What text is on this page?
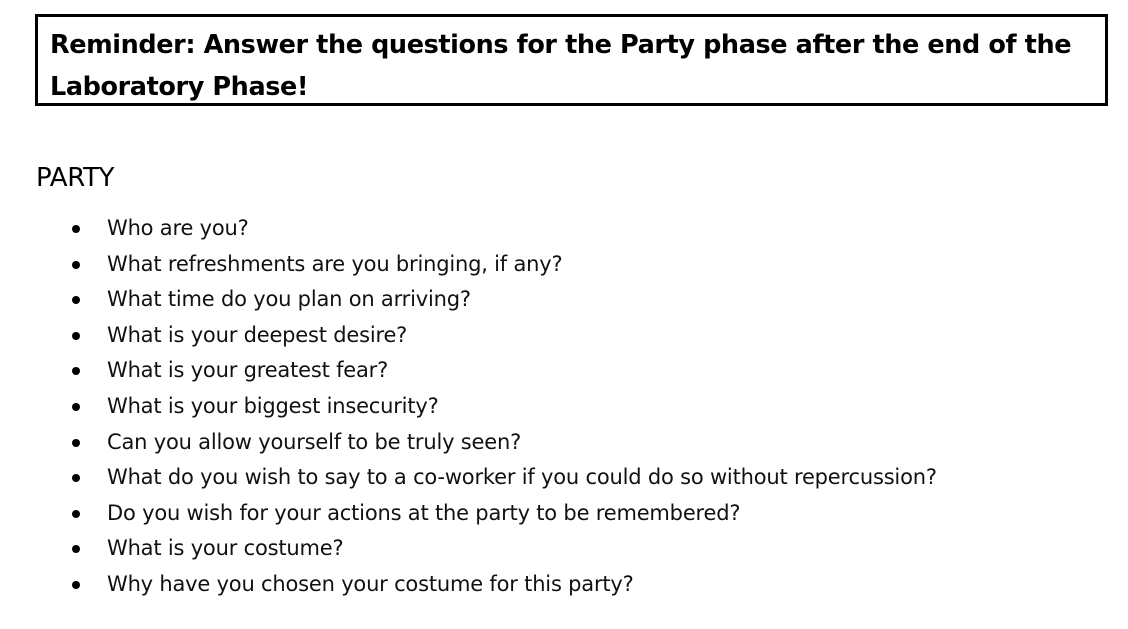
Reminder: Answer the questions for the Party phase after the end of the Laboratory Phase!

PARTY
Who are you?
What refreshments are you bringing, if any?
What time do you plan on arriving?
What is your deepest desire?
What is your greatest fear?
What is your biggest insecurity?
Can you allow yourself to be truly seen?
What do you wish to say to a co-worker if you could do so without repercussion?
Do you wish for your actions at the party to be remembered?
What is your costume?
Why have you chosen your costume for this party?
